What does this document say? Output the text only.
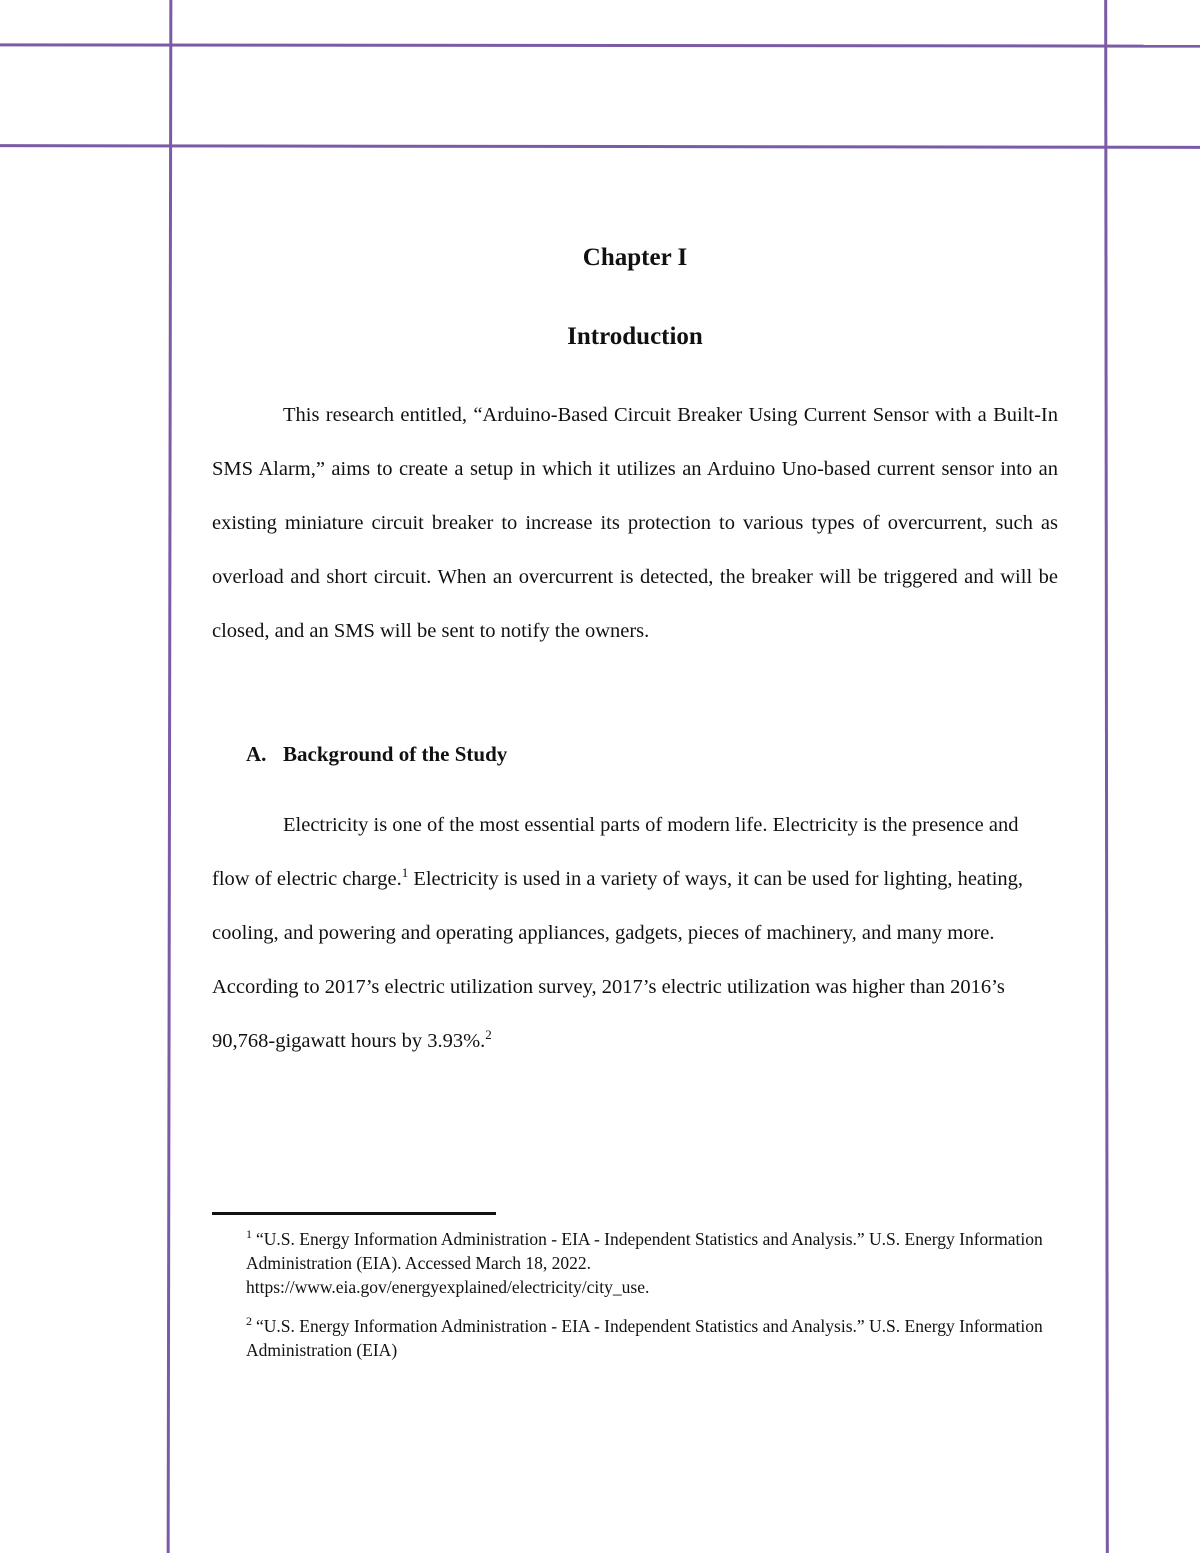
Chapter I
Introduction

This research entitled, “Arduino-Based Circuit Breaker Using Current Sensor with a Built-In SMS Alarm,” aims to create a setup in which it utilizes an Arduino Uno-based current sensor into an existing miniature circuit breaker to increase its protection to various types of overcurrent, such as overload and short circuit. When an overcurrent is detected, the breaker will be triggered and will be closed, and an SMS will be sent to notify the owners.

A. Background of the Study

Electricity is one of the most essential parts of modern life. Electricity is the presence and flow of electric charge.$^1$ Electricity is used in a variety of ways, it can be used for lighting, heating, cooling, and powering and operating appliances, gadgets, pieces of machinery, and many more. According to 2017’s electric utilization survey, 2017’s electric utilization was higher than 2016’s 90,768-gigawatt hours by 3.93%.$^2$

$^1$ “U.S. Energy Information Administration - EIA - Independent Statistics and Analysis.” U.S. Energy Information Administration (EIA). Accessed March 18, 2022.
https://www.eia.gov/energyexplained/electricity/city_use.

$^2$ “U.S. Energy Information Administration - EIA - Independent Statistics and Analysis.” U.S. Energy Information Administration (EIA)
